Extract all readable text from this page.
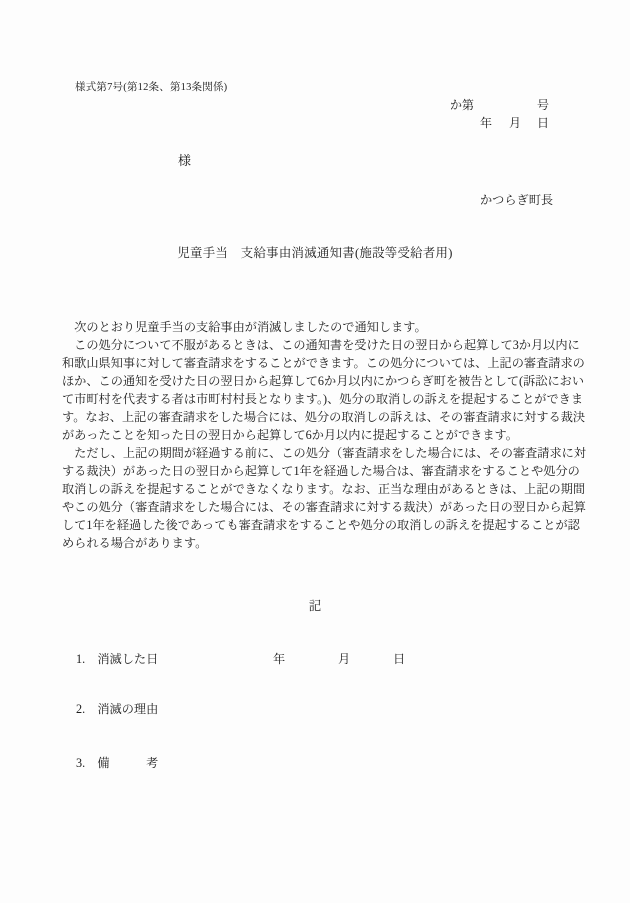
様式第7号(第12条、第13条関係)
か第	号
年 月 日
様
かつらぎ町長
児童手当　支給事由消滅通知書(施設等受給者用)
　次のとおり児童手当の支給事由が消滅しましたので通知します。
　この処分について不服があるときは、この通知書を受けた日の翌日から起算して3か月以内に
和歌山県知事に対して審査請求をすることができます。この処分については、上記の審査請求の
ほか、この通知を受けた日の翌日から起算して6か月以内にかつらぎ町を被告として(訴訟におい
て市町村を代表する者は市町村村長となります。)、処分の取消しの訴えを提起することができま
す。なお、上記の審査請求をした場合には、処分の取消しの訴えは、その審査請求に対する裁決
があったことを知った日の翌日から起算して6か月以内に提起することができます。
　ただし、上記の期間が経過する前に、この処分（審査請求をした場合には、その審査請求に対
する裁決）があった日の翌日から起算して1年を経過した場合は、審査請求をすることや処分の
取消しの訴えを提起することができなくなります。なお、正当な理由があるときは、上記の期間
やこの処分（審査請求をした場合には、その審査請求に対する裁決）があった日の翌日から起算
して1年を経過した後であっても審査請求をすることや処分の取消しの訴えを提起することが認
められる場合があります。
記
1.　消滅した日	年	月	日
2.　消滅の理由
3.　備　　　考
